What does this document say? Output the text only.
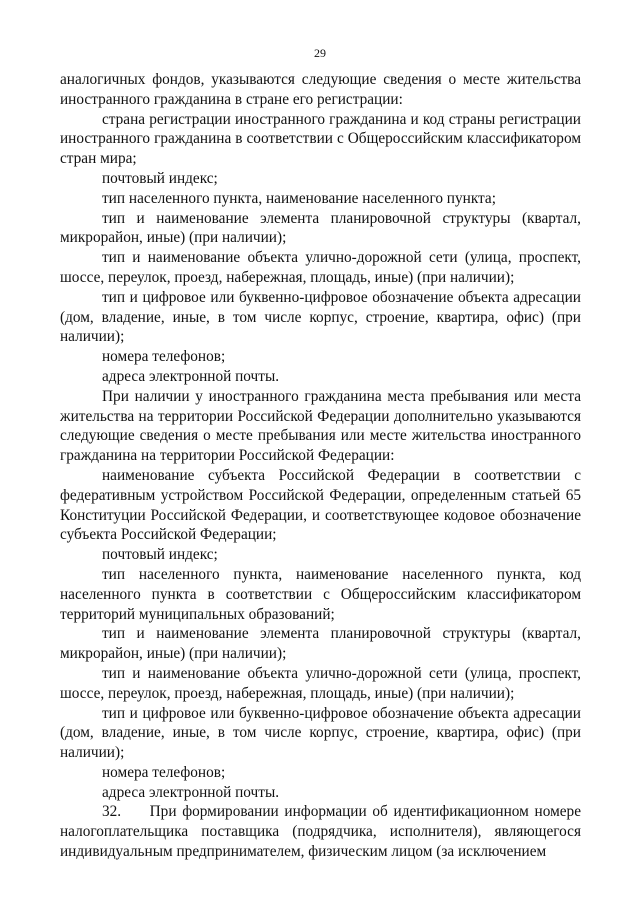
29

аналогичных фондов, указываются следующие сведения о месте жительства иностранного гражданина в стране его регистрации:

страна регистрации иностранного гражданина и код страны регистрации иностранного гражданина в соответствии с Общероссийским классификатором стран мира;

почтовый индекс;

тип населенного пункта, наименование населенного пункта;

тип и наименование элемента планировочной структуры (квартал, микрорайон, иные) (при наличии);

тип и наименование объекта улично-дорожной сети (улица, проспект, шоссе, переулок, проезд, набережная, площадь, иные) (при наличии);

тип и цифровое или буквенно-цифровое обозначение объекта адресации (дом, владение, иные, в том числе корпус, строение, квартира, офис) (при наличии);

номера телефонов;

адреса электронной почты.

При наличии у иностранного гражданина места пребывания или места жительства на территории Российской Федерации дополнительно указываются следующие сведения о месте пребывания или месте жительства иностранного гражданина на территории Российской Федерации:

наименование субъекта Российской Федерации в соответствии с федеративным устройством Российской Федерации, определенным статьей 65 Конституции Российской Федерации, и соответствующее кодовое обозначение субъекта Российской Федерации;

почтовый индекс;

тип населенного пункта, наименование населенного пункта, код населенного пункта в соответствии с Общероссийским классификатором территорий муниципальных образований;

тип и наименование элемента планировочной структуры (квартал, микрорайон, иные) (при наличии);

тип и наименование объекта улично-дорожной сети (улица, проспект, шоссе, переулок, проезд, набережная, площадь, иные) (при наличии);

тип и цифровое или буквенно-цифровое обозначение объекта адресации (дом, владение, иные, в том числе корпус, строение, квартира, офис) (при наличии);

номера телефонов;

адреса электронной почты.

32.     При формировании информации об идентификационном номере налогоплательщика поставщика (подрядчика, исполнителя), являющегося индивидуальным предпринимателем, физическим лицом (за исключением
